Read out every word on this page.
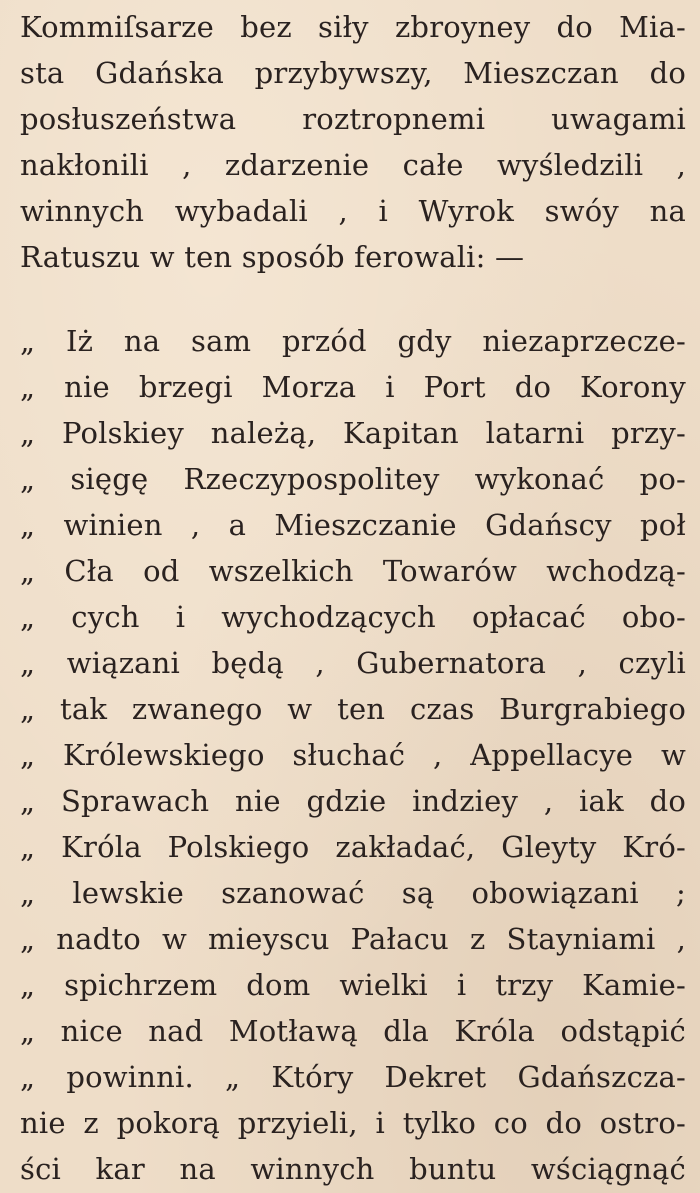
Kommiſsarze bez siły zbroyney do Mia-
sta Gdańska przybywszy, Mieszczan do
posłuszeństwa roztropnemi uwagami
nakłonili , zdarzenie całe wyśledzili ,
winnych wybadali , i Wyrok swóy na
Ratuszu w ten sposób ferowali: —
„ Iż na sam przód gdy niezaprzecze-
„ nie brzegi Morza i Port do Korony
„ Polskiey należą, Kapitan latarni przy-
„ sięgę Rzeczypospolitey wykonać po-
„ winien , a Mieszczanie Gdańscy poł
„ Cła od wszelkich Towarów wchodzą-
„ cych i wychodzących opłacać obo-
„ wiązani będą , Gubernatora , czyli
„ tak zwanego w ten czas Burgrabiego
„ Królewskiego słuchać , Appellacye w
„ Sprawach nie gdzie indziey , iak do
„ Króla Polskiego zakładać, Gleyty Kró-
„ lewskie szanować są obowiązani ;
„ nadto w mieyscu Pałacu z Stayniami ,
„ spichrzem dom wielki i trzy Kamie-
„ nice nad Motławą dla Króla odstąpić
„ powinni. „ Który Dekret Gdańszcza-
nie z pokorą przyieli, i tylko co do ostro-
ści kar na winnych buntu wściągnąć
